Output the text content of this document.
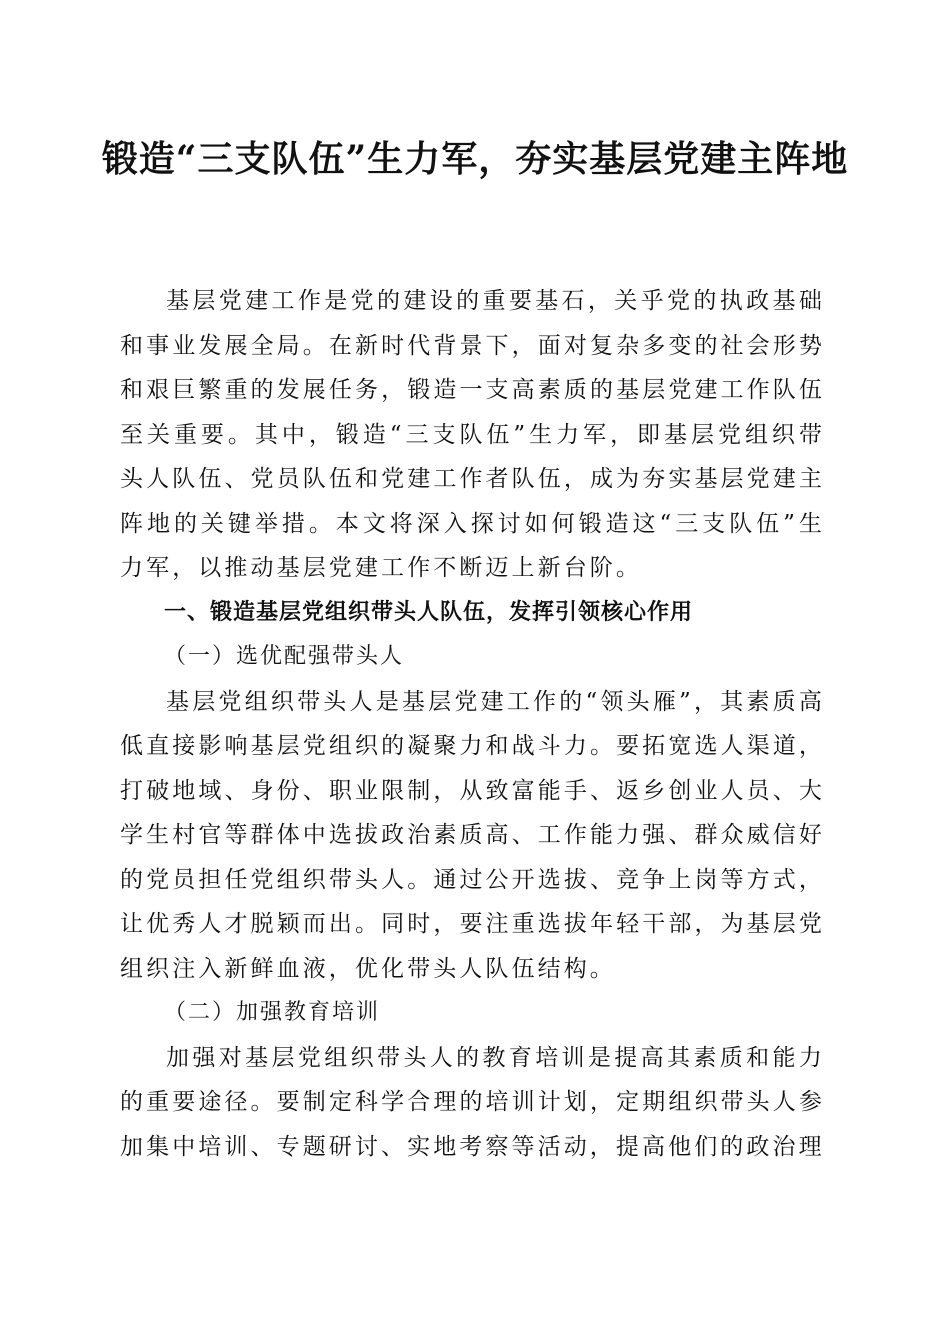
锻造“三支队伍”生力军，夯实基层党建主阵地

基层党建工作是党的建设的重要基石，关乎党的执政基础和事业发展全局。在新时代背景下，面对复杂多变的社会形势和艰巨繁重的发展任务，锻造一支高素质的基层党建工作队伍至关重要。其中，锻造“三支队伍”生力军，即基层党组织带头人队伍、党员队伍和党建工作者队伍，成为夯实基层党建主阵地的关键举措。本文将深入探讨如何锻造这“三支队伍”生力军，以推动基层党建工作不断迈上新台阶。

一、锻造基层党组织带头人队伍，发挥引领核心作用

（一）选优配强带头人

基层党组织带头人是基层党建工作的“领头雁”，其素质高低直接影响基层党组织的凝聚力和战斗力。要拓宽选人渠道，打破地域、身份、职业限制，从致富能手、返乡创业人员、大学生村官等群体中选拔政治素质高、工作能力强、群众威信好的党员担任党组织带头人。通过公开选拔、竞争上岗等方式，让优秀人才脱颖而出。同时，要注重选拔年轻干部，为基层党组织注入新鲜血液，优化带头人队伍结构。

（二）加强教育培训

加强对基层党组织带头人的教育培训是提高其素质和能力的重要途径。要制定科学合理的培训计划，定期组织带头人参加集中培训、专题研讨、实地考察等活动，提高他们的政治理
